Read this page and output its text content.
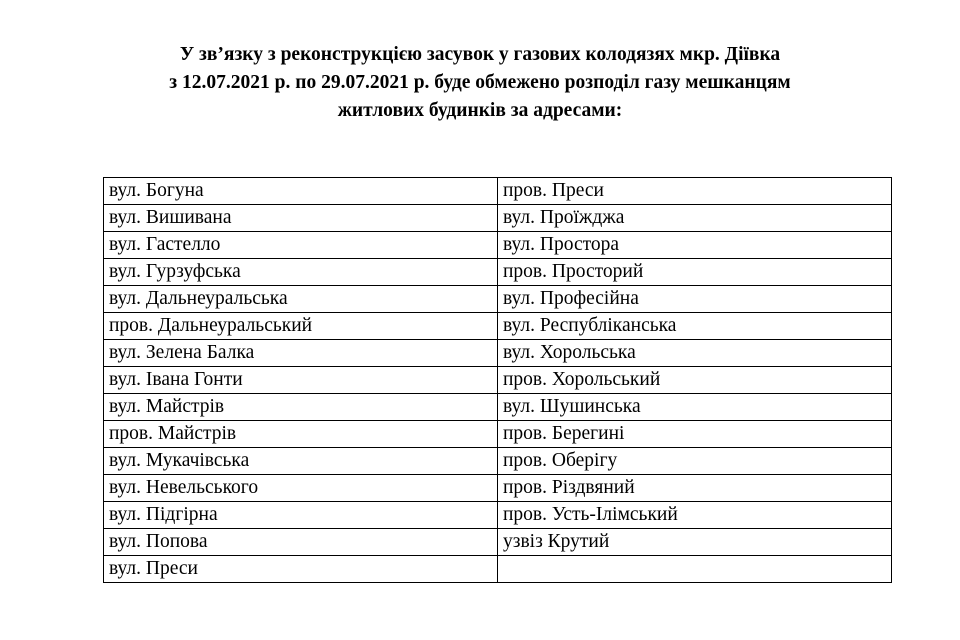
У зв’язку з реконструкцією засувок у газових колодязях мкр. Діївка
з 12.07.2021 р. по 29.07.2021 р. буде обмежено розподіл газу мешканцям
житлових будинків за адресами:
вул. Богуна	пров. Преси
вул. Вишивана	вул. Проїжджа
вул. Гастелло	вул. Простора
вул. Гурзуфська	пров. Просторий
вул. Дальнеуральська	вул. Професійна
пров. Дальнеуральський	вул. Республіканська
вул. Зелена Балка	вул. Хорольська
вул. Івана Гонти	пров. Хорольський
вул. Майстрів	вул. Шушинська
пров. Майстрів	пров. Берегині
вул. Мукачівська	пров. Оберігу
вул. Невельського	пров. Різдвяний
вул. Підгірна	пров. Усть-Ілімський
вул. Попова	узвіз Крутий
вул. Преси	
